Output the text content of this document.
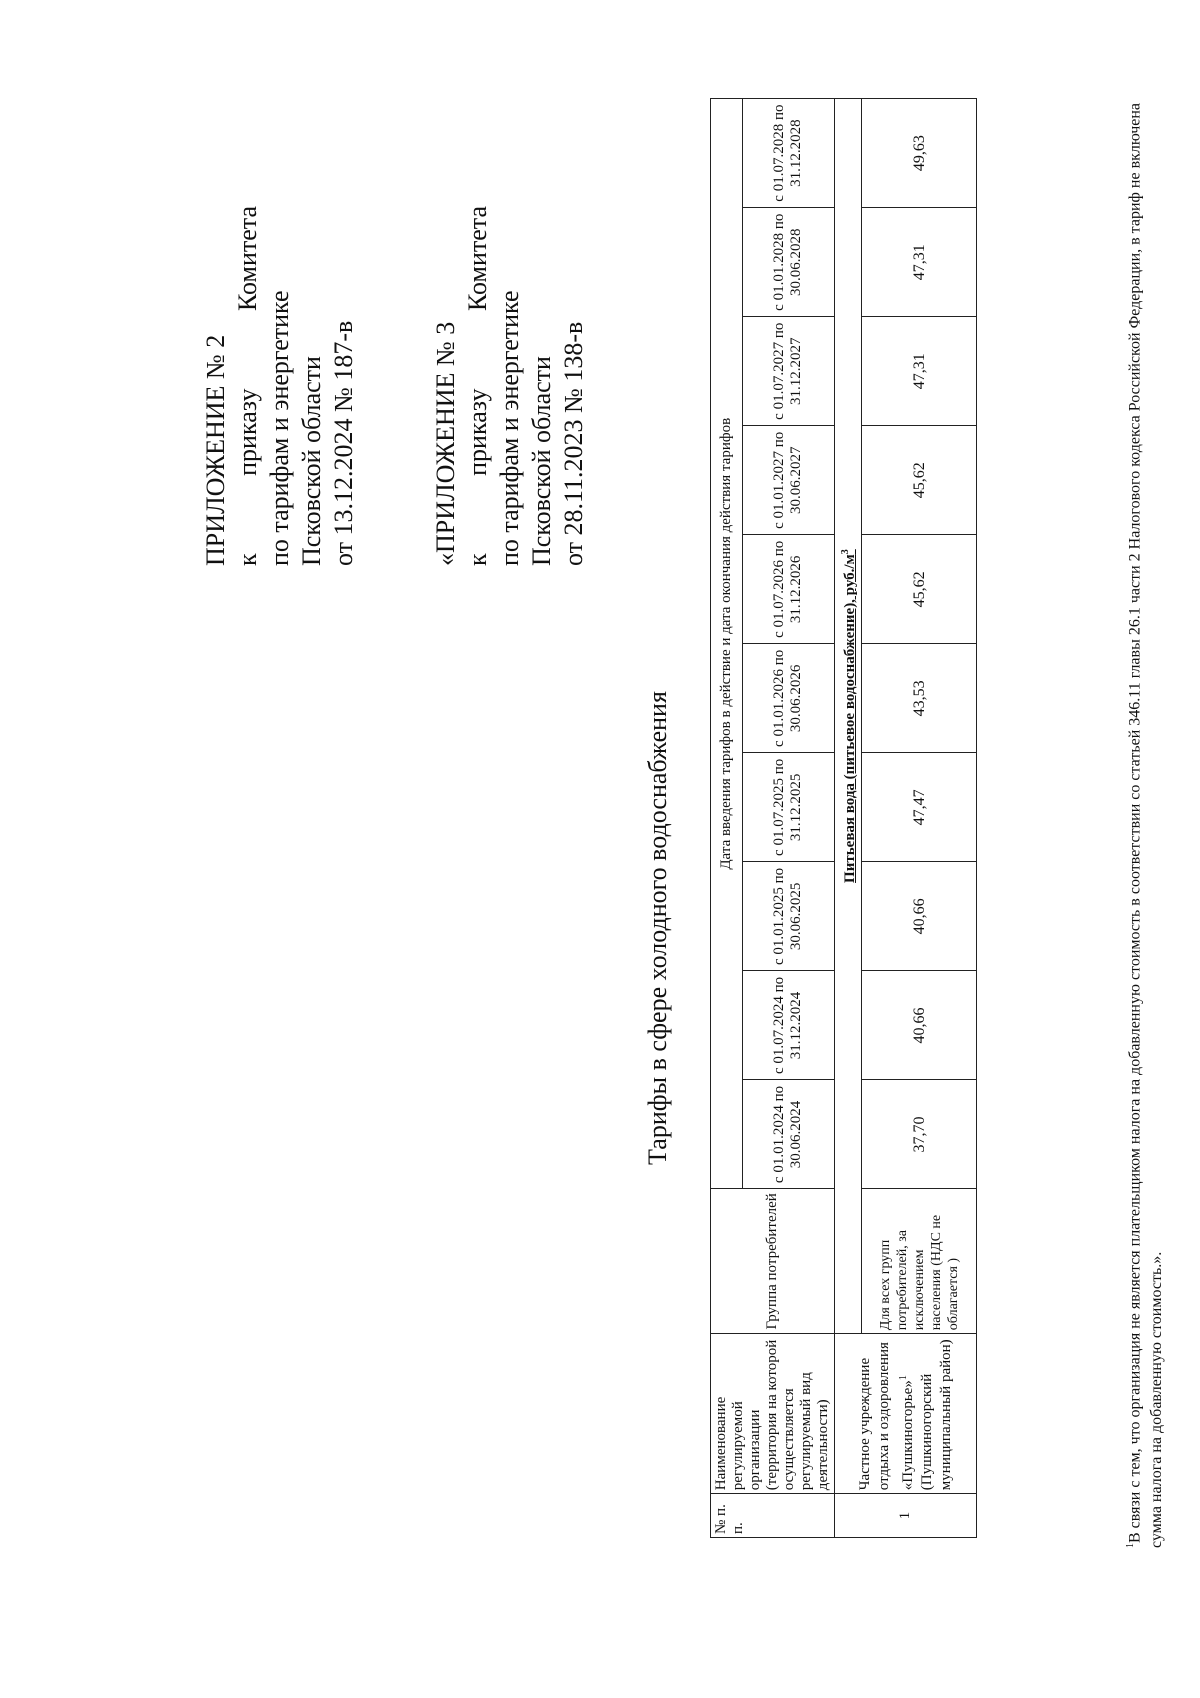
ПРИЛОЖЕНИЕ № 2 к
приказу
Комитета
по тарифам и энергетике Псковской области от 13.12.2024 № 187-в	«ПРИЛОЖЕНИЕ № 3 к
приказу
Комитета
по тарифам и энергетике Псковской области от 28.11.2023 № 138-в
Тарифы в сфере холодного водоснабжения
№ п. п.	Наименование регулируемой организации (территория на которой осуществляется регулируемый вид деятельности)	Группа потребителей	Дата введения тарифов в действие и дата окончания действия тарифов									
			с 01.01.2024 по 30.06.2024	с 01.07.2024 по 31.12.2024	с 01.01.2025 по 30.06.2025	с 01.07.2025 по 31.12.2025	с 01.01.2026 по 30.06.2026	с 01.07.2026 по 31.12.2026	с 01.01.2027 по 30.06.2027	с 01.07.2027 по 31.12.2027	с 01.01.2028 по 30.06.2028	с 01.07.2028 по 31.12.2028
1	Частное учреждение отдыха и оздоровления «Пушкиногорье»$^1$ (Пушкиногорский муниципальный район)	Питьевая вода (питьевое водоснабжение), $руб./м^3$
		Для всех групп потребителей, за исключением населения (НДС не облагается )	37,70	40,66	40,66	47,47	43,53	45,62	45,62	47,31	47,31	49,63
$^1$В связи с тем, что организация не является плательщиком налога на добавленную стоимость в соответствии со статьей 346.11 главы 26.1 части 2 Налогового кодекса Российской Федерации, в тариф не включена сумма налога на добавленную стоимость.».
